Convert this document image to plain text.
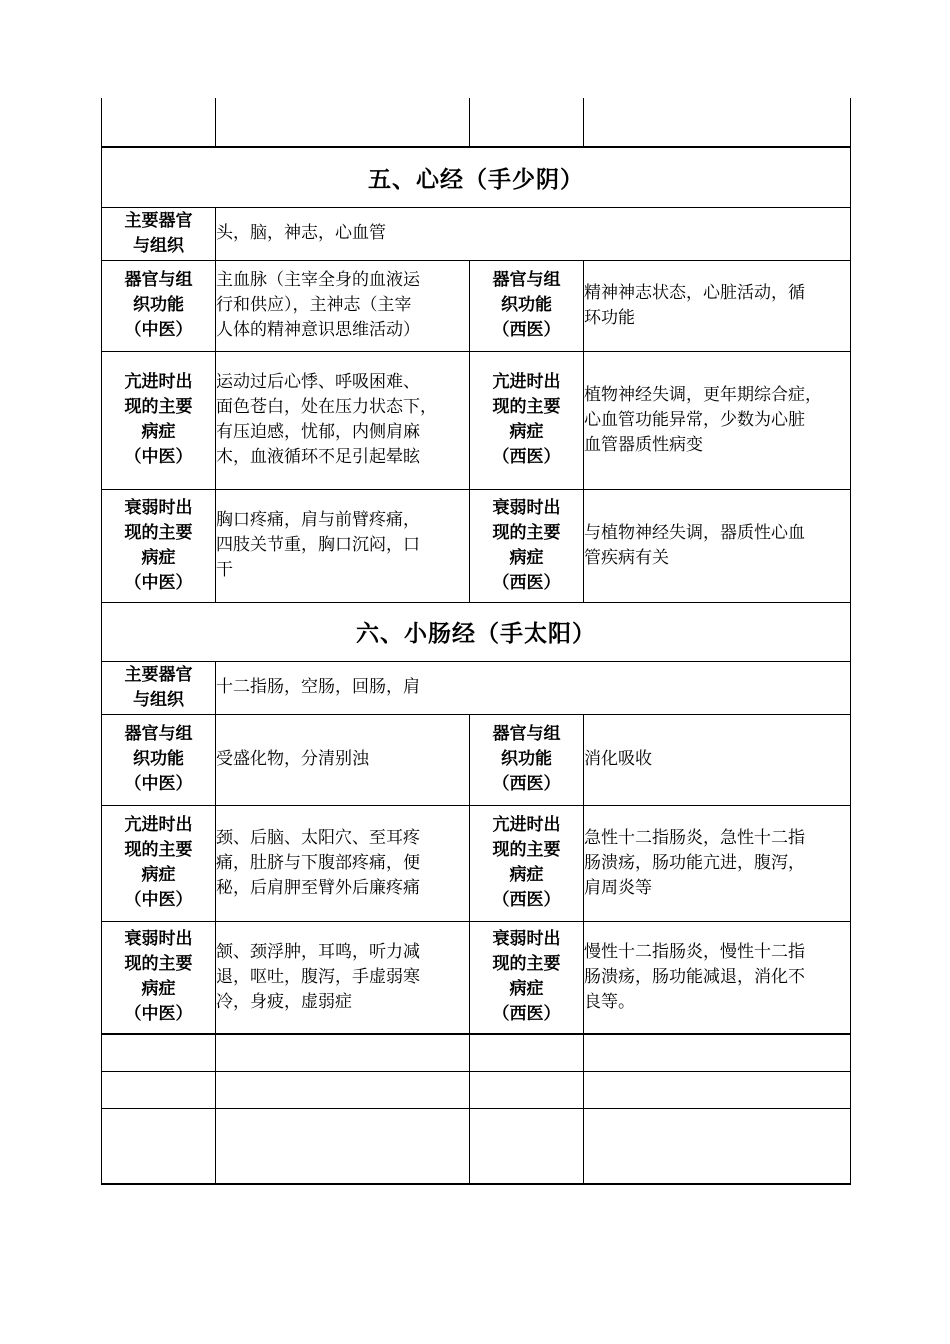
五、心经（手少阴）			

主要器官
与组织	头，脑，神志，心血管		

器官与组
织功能
（中医）	主血脉（主宰全身的血液运
行和供应），主神志（主宰
人体的精神意识思维活动）	器官与组
织功能
（西医）	精神神志状态，心脏活动，循
环功能

亢进时出
现的主要
病症
（中医）	运动过后心悸、呼吸困难、
面色苍白，处在压力状态下，
有压迫感，忧郁，内侧肩麻
木，血液循环不足引起晕眩	亢进时出
现的主要
病症
（西医）	植物神经失调，更年期综合症，
心血管功能异常，少数为心脏
血管器质性病变

衰弱时出
现的主要
病症
（中医）	胸口疼痛，肩与前臂疼痛，
四肢关节重，胸口沉闷，口
干	衰弱时出
现的主要
病症
（西医）	与植物神经失调，器质性心血
管疾病有关

六、小肠经（手太阳）			

主要器官
与组织	十二指肠，空肠，回肠，肩		

器官与组
织功能
（中医）	受盛化物，分清别浊	器官与组
织功能
（西医）	消化吸收

亢进时出
现的主要
病症
（中医）	颈、后脑、太阳穴、至耳疼
痛，肚脐与下腹部疼痛，便
秘，后肩胛至臂外后廉疼痛	亢进时出
现的主要
病症
（西医）	急性十二指肠炎，急性十二指
肠溃疡，肠功能亢进，腹泻，
肩周炎等

衰弱时出
现的主要
病症
（中医）	颔、颈浮肿，耳鸣，听力减
退，呕吐，腹泻，手虚弱寒
冷，身疲，虚弱症	衰弱时出
现的主要
病症
（西医）	慢性十二指肠炎，慢性十二指
肠溃疡，肠功能减退，消化不
良等。
